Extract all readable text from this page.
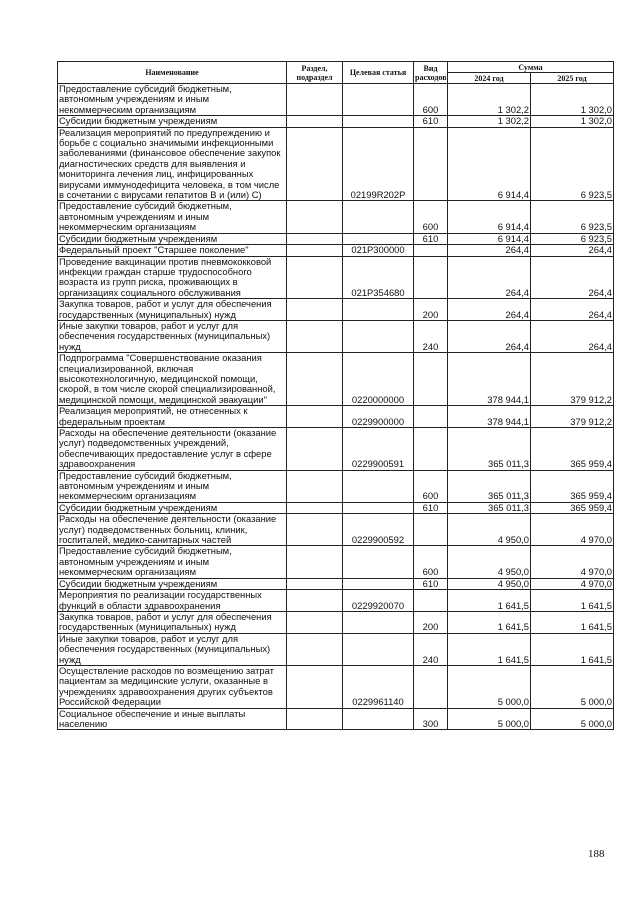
Наименование	Раздел, подраздел	Целевая статья	Вид расходов	Сумма	
				2024 год	2025 год
Предоставление субсидий бюджетным, автономным учреждениям и иным некоммерческим организациям			600	1 302,2	1 302,0
Субсидии бюджетным учреждениям			610	1 302,2	1 302,0
Реализация мероприятий по предупреждению и борьбе с социально значимыми инфекционными заболеваниями (финансовое обеспечение закупок диагностических средств для выявления и мониторинга лечения лиц, инфицированных вирусами иммунодефицита человека, в том числе в сочетании с вирусами гепатитов В и (или) С)		02199R202P		6 914,4	6 923,5
Предоставление субсидий бюджетным, автономным учреждениям и иным некоммерческим организациям			600	6 914,4	6 923,5
Субсидии бюджетным учреждениям			610	6 914,4	6 923,5
Федеральный проект "Старшее поколение"		021P300000		264,4	264,4
Проведение вакцинации против пневмококковой инфекции граждан старше трудоспособного возраста из групп риска, проживающих в организациях социального обслуживания		021P354680		264,4	264,4
Закупка товаров, работ и услуг для обеспечения государственных (муниципальных) нужд			200	264,4	264,4
Иные закупки товаров, работ и услуг для обеспечения государственных (муниципальных) нужд			240	264,4	264,4
Подпрограмма "Совершенствование оказания специализированной, включая высокотехнологичную, медицинской помощи, скорой, в том числе скорой специализированной, медицинской помощи, медицинской эвакуации"		0220000000		378 944,1	379 912,2
Реализация мероприятий, не отнесенных к федеральным проектам		0229900000		378 944,1	379 912,2
Расходы на обеспечение деятельности (оказание услуг) подведомственных учреждений, обеспечивающих предоставление услуг в сфере здравоохранения		0229900591		365 011,3	365 959,4
Предоставление субсидий бюджетным, автономным учреждениям и иным некоммерческим организациям			600	365 011,3	365 959,4
Субсидии бюджетным учреждениям			610	365 011,3	365 959,4
Расходы на обеспечение деятельности (оказание услуг) подведомственных больниц, клиник, госпиталей, медико-санитарных частей		0229900592		4 950,0	4 970,0
Предоставление субсидий бюджетным, автономным учреждениям и иным некоммерческим организациям			600	4 950,0	4 970,0
Субсидии бюджетным учреждениям			610	4 950,0	4 970,0
Мероприятия по реализации государственных функций в области здравоохранения		0229920070		1 641,5	1 641,5
Закупка товаров, работ и услуг для обеспечения государственных (муниципальных) нужд			200	1 641,5	1 641,5
Иные закупки товаров, работ и услуг для обеспечения государственных (муниципальных) нужд			240	1 641,5	1 641,5
Осуществление расходов по возмещению затрат пациентам за медицинские услуги, оказанные в учреждениях здравоохранения других субъектов Российской Федерации		0229961140		5 000,0	5 000,0
Социальное обеспечение и иные выплаты населению			300	5 000,0	5 000,0
188
